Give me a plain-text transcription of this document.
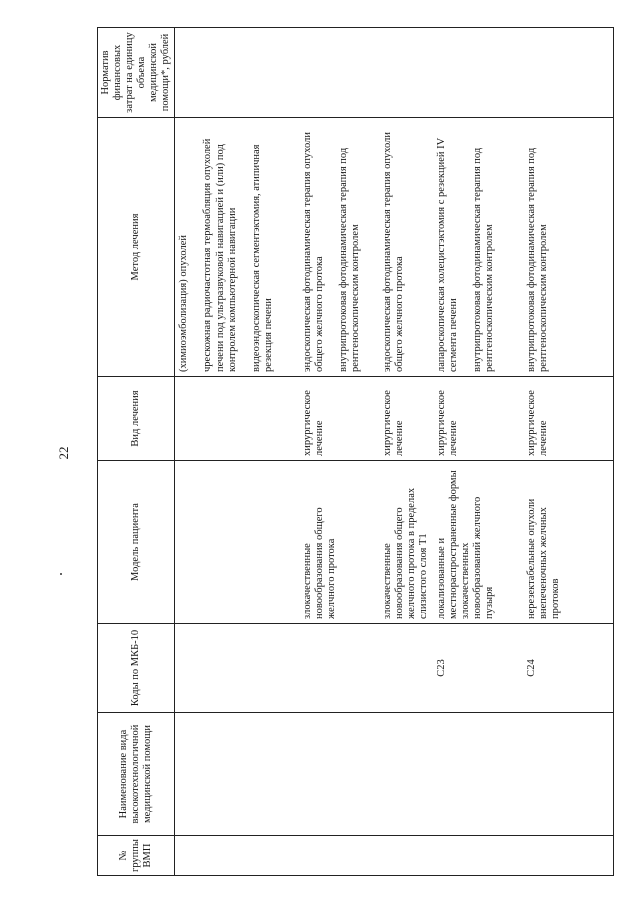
22
№ группы ВМП	Наименование вида высокотехнологичной медицинской помощи	Коды по МКБ-10	Модель пациента	Вид лечения	Метод лечения	Норматив финансовых затрат на единицу объема медицинской помощи*, рублей

					(химиоэмболизация) опухолей чрескожная радиочастотная термоабляция опухолей печени под ультразвуковой навигацией и (или) под контролем компьютерной навигации видеоэндоскопическая сегментэктомия, атипичная резекция печени	

			злокачественные новообразования общего желчного протока	хирургическое лечение	эндоскопическая фотодинамическая терапия опухоли общего желчного протока внутрипротоковая фотодинамическая терапия под рентгеноскопическим контролем	

			злокачественные новообразования общего желчного протока в пределах слизистого слоя T1	хирургическое лечение	эндоскопическая фотодинамическая терапия опухоли общего желчного протока	

		C23	локализованные и местнораспространенные формы злокачественных новообразований желчного пузыря	хирургическое лечение	лапароскопическая холецистэктомия с резекцией IV сегмента печени внутрипротоковая фотодинамическая терапия под рентгеноскопическим контролем	

		C24	нерезектабельные опухоли внепеченочных желчных протоков	хирургическое лечение	внутрипротоковая фотодинамическая терапия под рентгеноскопическим контролем	
